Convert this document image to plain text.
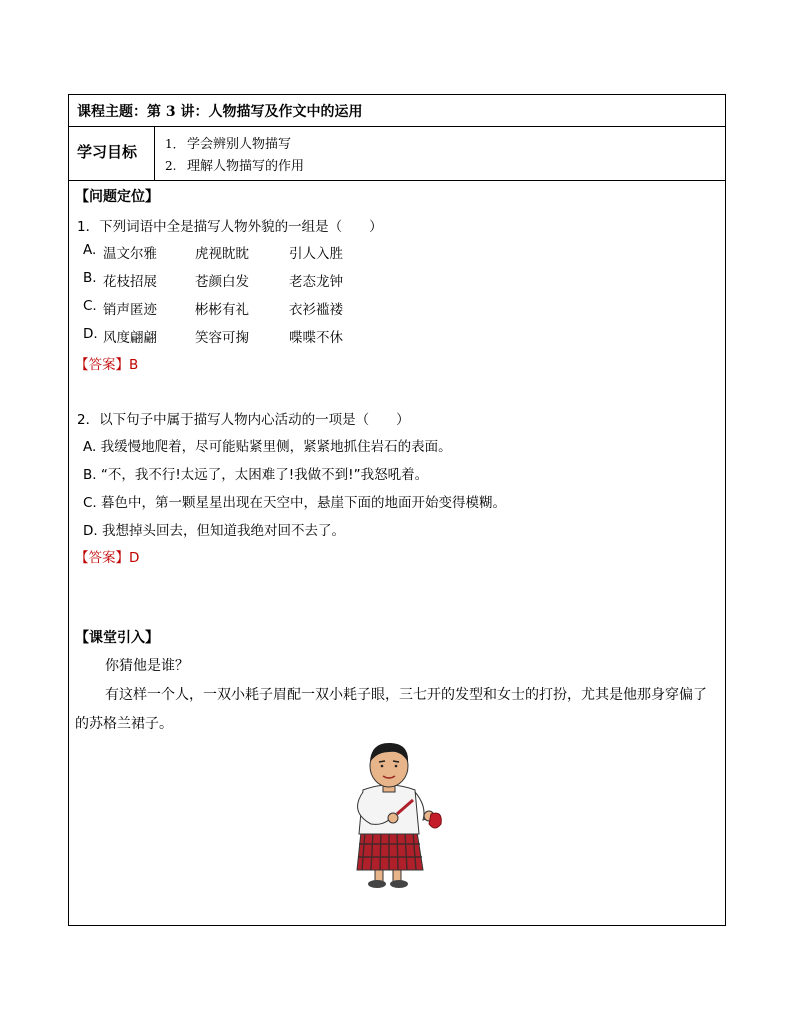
课程主题：第 3 讲：人物描写及作文中的运用
学习目标 1． 学会辨别人物描写
2. 理解人物描写的作用
【问题定位】
1．下列词语中全是描写人物外貌的一组是（　　）
A. 温文尔雅	虎视眈眈	引人入胜
B. 花枝招展	苍颜白发	老态龙钟
C. 销声匿迹	彬彬有礼	衣衫褴褛
D. 风度翩翩	笑容可掬	喋喋不休
【答案】B
2．以下句子中属于描写人物内心活动的一项是（　　）
A. 我缓慢地爬着，尽可能贴紧里侧，紧紧地抓住岩石的表面。
B. “不，我不行!太远了，太困难了!我做不到!”我怒吼着。
C. 暮色中，第一颗星星出现在天空中，悬崖下面的地面开始变得模糊。
D. 我想掉头回去，但知道我绝对回不去了。
【答案】D
【课堂引入】
你猜他是谁？
有这样一个人，一双小耗子眉配一双小耗子眼，三七开的发型和女士的打扮，尤其是他那身穿偏了
的苏格兰裙子。
